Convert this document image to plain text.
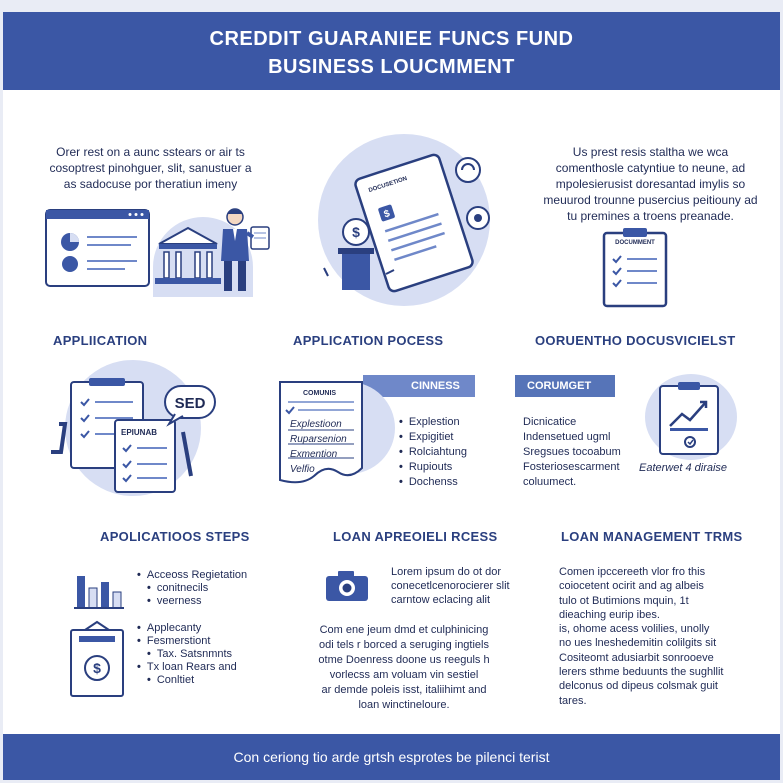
CREDDIT GUARANIEE FUNCS FUND
BUSINESS LOUCMMENT
Orer rest on a aunc sstears or air ts
cosoptrest pinohguer, slit, sanustuer a
as sadocuse por theratiun imeny
$
$
DOCUSETION
Us prest resis staltha we wca
comenthosle catyntiue to neune, ad
mpolesierusist doresantad imylis so
meuurod trounne pusercius peitiouny ad
tu premines a troens preanade.
DOCUMMENT
APPLIICATION	APPLICATION POCESS	OORUENTHO DOCUSVICIELST
SED
EPIUNAB
CINNESS
COMUNIS
Explestioon
Ruparsenion
Exmention
Velfio
• Explestion
• Expigitiet
• Rolciahtung
• Rupiouts
• Dochenss
CORUMGET
Dicnicatice
Indensetued ugml
Sregsues tocoabum
Fosteriosescarment
coluumect.
Eaterwet 4 diraise
APOLICATIOOS STEPS	LOAN APREOIELI RCESS	LOAN MANAGEMENT TRMS
$
• Acceoss Regietation
• conitnecils
• veerness
• Applecanty
• Fesmerstiont
• Tax. Satsnmnts
• Tx loan Rears and
• Conltiet
Lorem ipsum do ot dor
conecetlcenorocierer slit
carntow eclacing alit
Com ene jeum dmd et culphinicing
odi tels r borced a seruging ingtiels
otme Doenress doone us reeguls h
vorlecss am voluam vin sestiel
ar demde poleis isst, italiihimt and
loan winctineloure.
Comen ipccereeth vlor fro this
coiocetent ocirit and ag albeis
tulo ot Butimions mquin, 1t
dieaching eurip ibes.
is, ohome acess volilies, unolly
no ues lneshedemitin colilgits sit
Cositeomt adusiarbit sonrooeve
lerers sthme beduunts the sughllit
delconus od dipeus colsmak guit
tares.
Con ceriong tio arde grtsh esprotes be pilenci terist
